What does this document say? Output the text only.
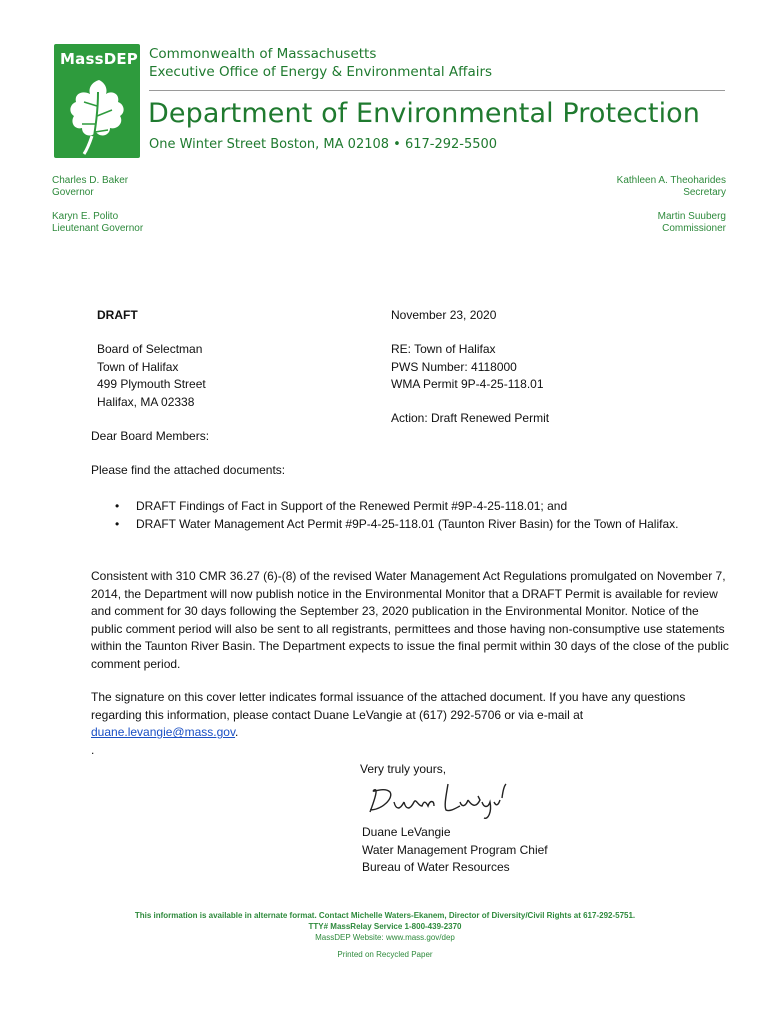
MassDEP Commonwealth of Massachusetts
Executive Office of Energy & Environmental Affairs
Department of Environmental Protection
One Winter Street Boston, MA 02108 • 617-292-5500
Charles D. Baker
Governor
Karyn E. Polito
Lieutenant Governor
Kathleen A. Theoharides
Secretary
Martin Suuberg
Commissioner
DRAFT	November 23, 2020
Board of Selectman
Town of Halifax
499 Plymouth Street
Halifax, MA 02338
RE: Town of Halifax
PWS Number: 4118000
WMA Permit 9P-4-25-118.01
Action: Draft Renewed Permit
Dear Board Members:
Please find the attached documents:
• DRAFT Findings of Fact in Support of the Renewed Permit #9P-4-25-118.01; and
• DRAFT Water Management Act Permit #9P-4-25-118.01 (Taunton River Basin) for the Town of Halifax.
Consistent with 310 CMR 36.27 (6)-(8) of the revised Water Management Act Regulations promulgated on November 7, 2014, the Department will now publish notice in the Environmental Monitor that a DRAFT Permit is available for review and comment for 30 days following the September 23, 2020 publication in the Environmental Monitor. Notice of the public comment period will also be sent to all registrants, permittees and those having non-consumptive use statements within the Taunton River Basin. The Department expects to issue the final permit within 30 days of the close of the public comment period.
The signature on this cover letter indicates formal issuance of the attached document. If you have any questions regarding this information, please contact Duane LeVangie at (617) 292-5706 or via e-mail at duane.levangie@mass.gov.
.
Very truly yours,
Duane LeVangie
Water Management Program Chief
Bureau of Water Resources
This information is available in alternate format. Contact Michelle Waters-Ekanem, Director of Diversity/Civil Rights at 617-292-5751.
TTY# MassRelay Service 1-800-439-2370
MassDEP Website: www.mass.gov/dep
Printed on Recycled Paper
